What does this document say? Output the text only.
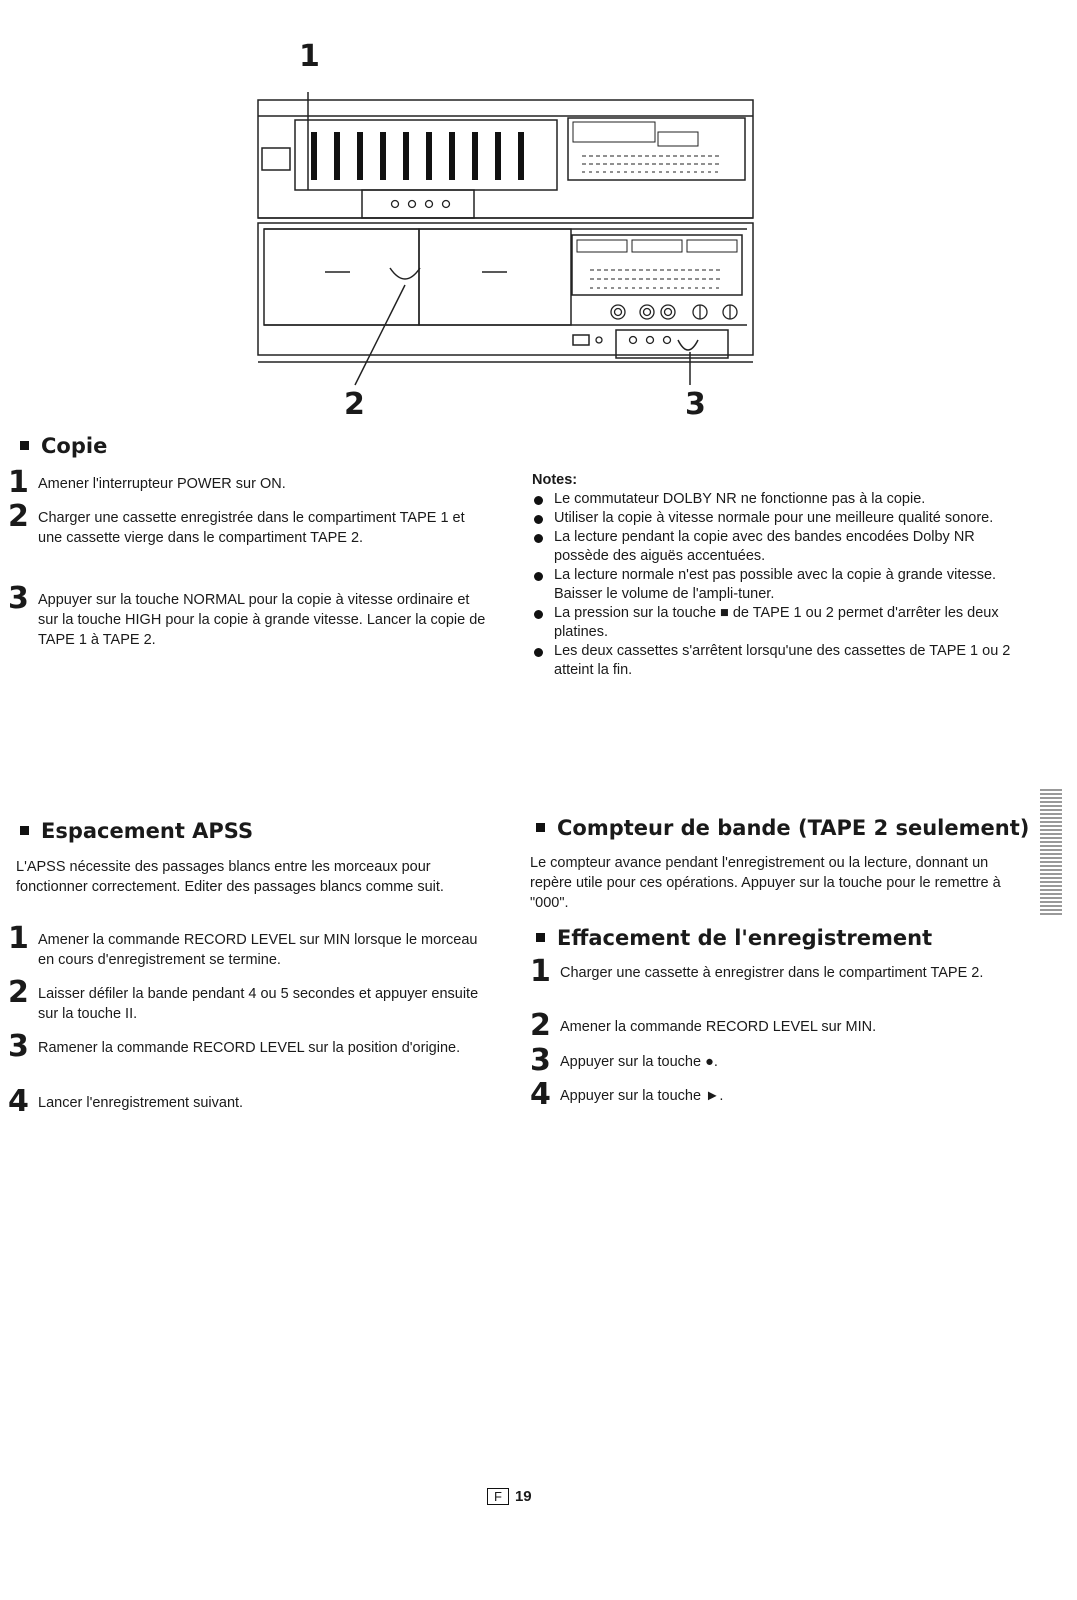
1
2	3
Copie
1 Amener l'interrupteur POWER sur ON.
2 Charger une cassette enregistrée dans le compartiment TAPE 1 et une cassette vierge dans le compartiment TAPE 2.
3 Appuyer sur la touche NORMAL pour la copie à vitesse ordinaire et sur la touche HIGH pour la copie à grande vitesse. Lancer la copie de TAPE 1 à TAPE 2.
Notes:
Le commutateur DOLBY NR ne fonctionne pas à la copie.
Utiliser la copie à vitesse normale pour une meilleure qualité sonore.
La lecture pendant la copie avec des bandes encodées Dolby NR possède des aiguës accentuées.
La lecture normale n'est pas possible avec la copie à grande vitesse. Baisser le volume de l'ampli-tuner.
La pression sur la touche ■ de TAPE 1 ou 2 permet d'arrêter les deux platines.
Les deux cassettes s'arrêtent lorsqu'une des cassettes de TAPE 1 ou 2 atteint la fin.
Espacement APSS
L'APSS nécessite des passages blancs entre les morceaux pour fonctionner correctement. Editer des passages blancs comme suit.
1 Amener la commande RECORD LEVEL sur MIN lorsque le morceau en cours d'enregistrement se termine.
2 Laisser défiler la bande pendant 4 ou 5 secondes et appuyer ensuite sur la touche II.
3 Ramener la commande RECORD LEVEL sur la position d'origine.
4 Lancer l'enregistrement suivant.
Compteur de bande (TAPE 2 seulement)
Le compteur avance pendant l'enregistrement ou la lecture, donnant un repère utile pour ces opérations. Appuyer sur la touche pour le remettre à "000".
Effacement de l'enregistrement
1 Charger une cassette à enregistrer dans le compartiment TAPE 2.
2 Amener la commande RECORD LEVEL sur MIN.
3 Appuyer sur la touche ●.
4 Appuyer sur la touche ►.
F 19
